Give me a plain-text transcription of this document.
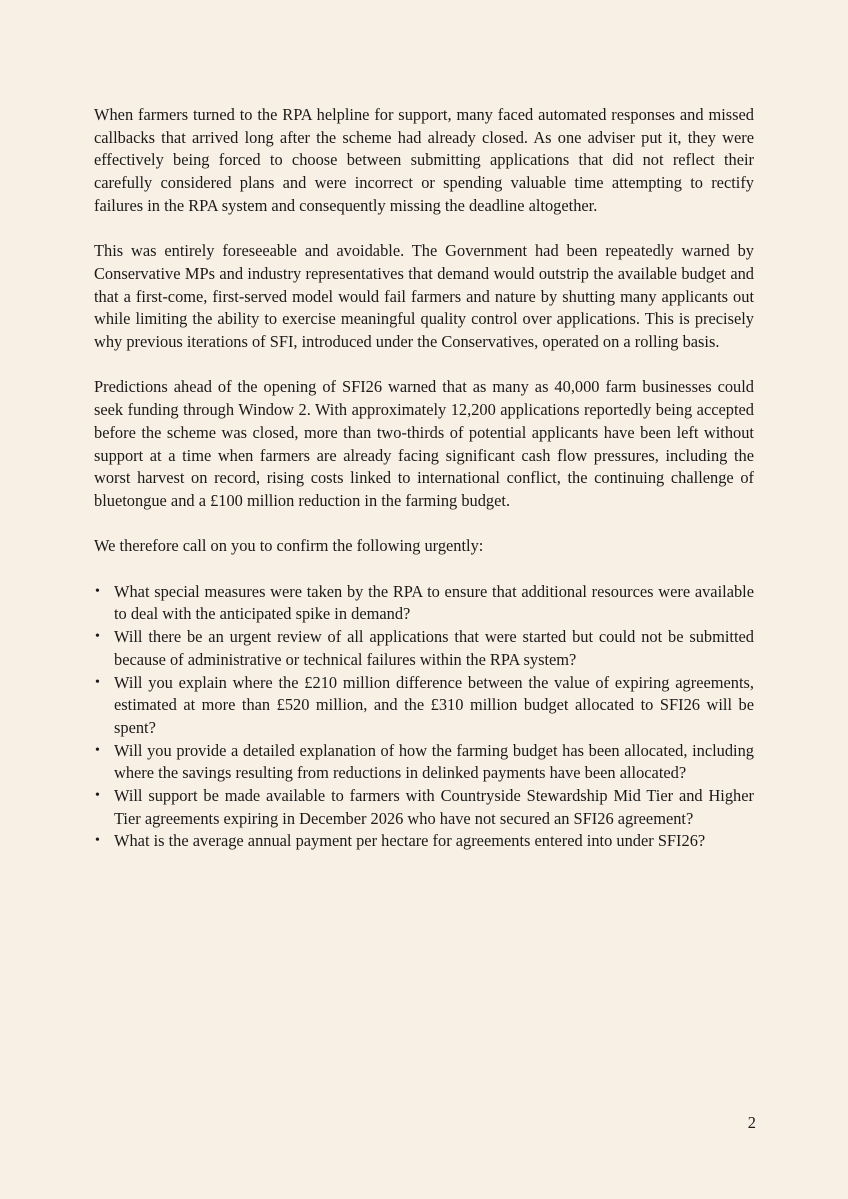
When farmers turned to the RPA helpline for support, many faced automated responses and missed callbacks that arrived long after the scheme had already closed. As one adviser put it, they were effectively being forced to choose between submitting applications that did not reflect their carefully considered plans and were incorrect or spending valuable time attempting to rectify failures in the RPA system and consequently missing the deadline altogether.

This was entirely foreseeable and avoidable. The Government had been repeatedly warned by Conservative MPs and industry representatives that demand would outstrip the available budget and that a first-come, first-served model would fail farmers and nature by shutting many applicants out while limiting the ability to exercise meaningful quality control over applications. This is precisely why previous iterations of SFI, introduced under the Conservatives, operated on a rolling basis.

Predictions ahead of the opening of SFI26 warned that as many as 40,000 farm businesses could seek funding through Window 2. With approximately 12,200 applications reportedly being accepted before the scheme was closed, more than two-thirds of potential applicants have been left without support at a time when farmers are already facing significant cash flow pressures, including the worst harvest on record, rising costs linked to international conflict, the continuing challenge of bluetongue and a £100 million reduction in the farming budget.

We therefore call on you to confirm the following urgently:

• What special measures were taken by the RPA to ensure that additional resources were available to deal with the anticipated spike in demand?
• Will there be an urgent review of all applications that were started but could not be submitted because of administrative or technical failures within the RPA system?
• Will you explain where the £210 million difference between the value of expiring agreements, estimated at more than £520 million, and the £310 million budget allocated to SFI26 will be spent?
• Will you provide a detailed explanation of how the farming budget has been allocated, including where the savings resulting from reductions in delinked payments have been allocated?
• Will support be made available to farmers with Countryside Stewardship Mid Tier and Higher Tier agreements expiring in December 2026 who have not secured an SFI26 agreement?
• What is the average annual payment per hectare for agreements entered into under SFI26?
2
